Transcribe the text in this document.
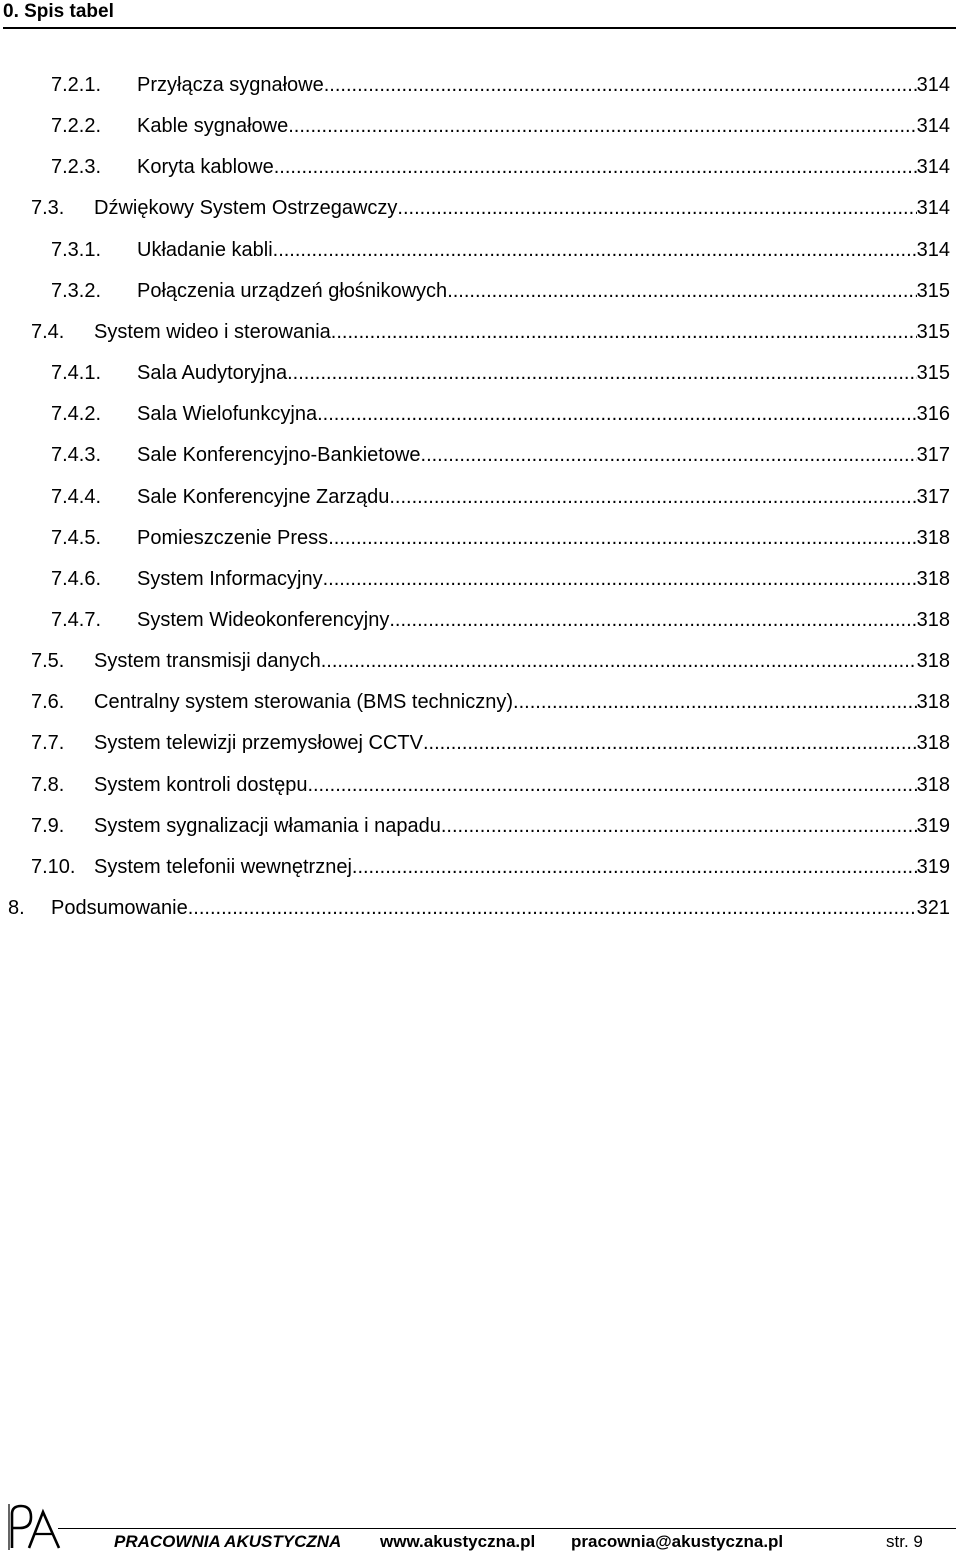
0. Spis tabel
7.2.1. Przyłącza sygnałowe .....	314
7.2.2. Kable sygnałowe .....	314
7.2.3. Koryta kablowe .....	314
7.3. Dźwiękowy System Ostrzegawczy .....	314
7.3.1. Układanie kabli .....	314
7.3.2. Połączenia urządzeń głośnikowych .....	315
7.4. System wideo i sterowania .....	315
7.4.1. Sala Audytoryjna .....	315
7.4.2. Sala Wielofunkcyjna .....	316
7.4.3. Sale Konferencyjno-Bankietowe .....	317
7.4.4. Sale Konferencyjne Zarządu .....	317
7.4.5. Pomieszczenie Press .....	318
7.4.6. System Informacyjny .....	318
7.4.7. System Wideokonferencyjny .....	318
7.5. System transmisji danych .....	318
7.6. Centralny system sterowania (BMS techniczny) .....	318
7.7. System telewizji przemysłowej CCTV .....	318
7.8. System kontroli dostępu .....	318
7.9. System sygnalizacji włamania i napadu .....	319
7.10. System telefonii wewnętrznej .....	319
8. Podsumowanie .....	321
PRACOWNIA AKUSTYCZNA www.akustyczna.pl pracownia@akustyczna.pl	str. 9
